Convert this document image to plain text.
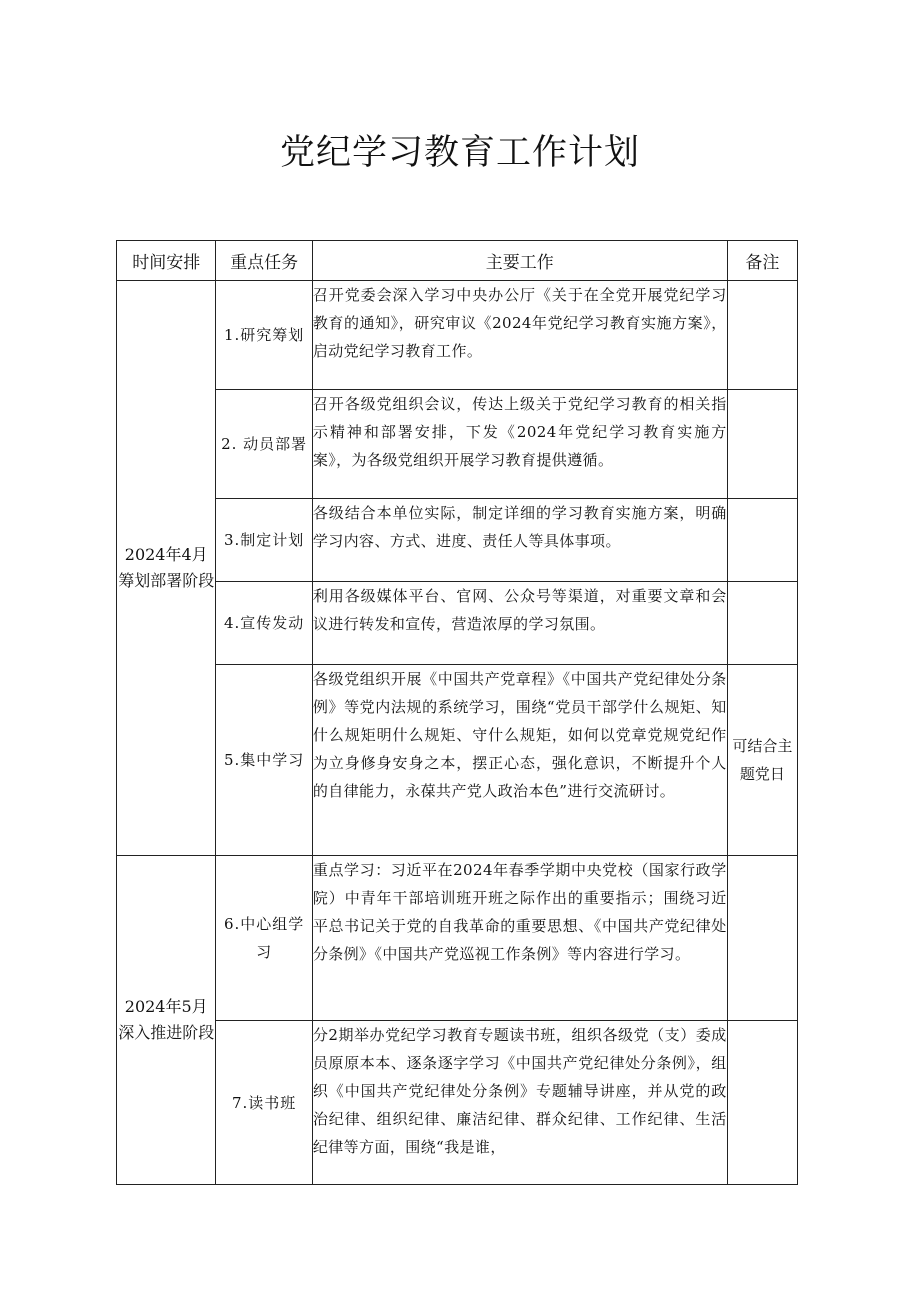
党纪学习教育工作计划
时间安排	重点任务	主要工作	备注
2024年4月筹划部署阶段	1.研究筹划	召开党委会深入学习中央办公厅《关于在全党开展党纪学习教育的通知》，研究审议《2024年党纪学习教育实施方案》，启动党纪学习教育工作。	
	2. 动员部署	召开各级党组织会议，传达上级关于党纪学习教育的相关指示精神和部署安排，下发《2024年党纪学习教育实施方案》，为各级党组织开展学习教育提供遵循。	
	3.制定计划	各级结合本单位实际，制定详细的学习教育实施方案，明确学习内容、方式、进度、责任人等具体事项。	
	4.宣传发动	利用各级媒体平台、官网、公众号等渠道，对重要文章和会议进行转发和宣传，营造浓厚的学习氛围。	
	5.集中学习	各级党组织开展《中国共产党章程》《中国共产党纪律处分条例》等党内法规的系统学习，围绕“党员干部学什么规矩、知什么规矩明什么规矩、守什么规矩，如何以党章党规党纪作为立身修身安身之本，摆正心态，强化意识，不断提升个人的自律能力，永葆共产党人政治本色”进行交流研讨。	可结合主题党日
2024年5月深入推进阶段	6.中心组学习	重点学习：习近平在2024年春季学期中央党校（国家行政学院）中青年干部培训班开班之际作出的重要指示；围绕习近平总书记关于党的自我革命的重要思想、《中国共产党纪律处分条例》《中国共产党巡视工作条例》等内容进行学习。	
	7.读书班	分2期举办党纪学习教育专题读书班，组织各级党（支）委成员原原本本、逐条逐字学习《中国共产党纪律处分条例》，组织《中国共产党纪律处分条例》专题辅导讲座，并从党的政治纪律、组织纪律、廉洁纪律、群众纪律、工作纪律、生活纪律等方面，围绕“我是谁，	
